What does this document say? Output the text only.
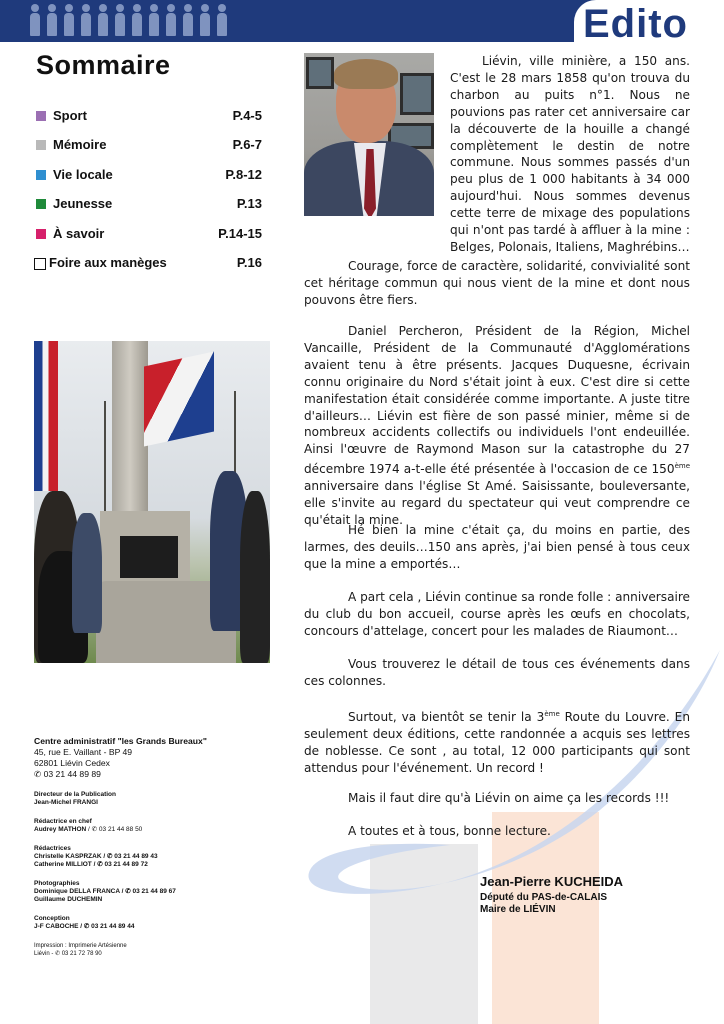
Edito
Sommaire
Sport	P.4-5
Mémoire	P.6-7
Vie locale	P.8-12
Jeunesse	P.13
À savoir	P.14-15
Foire aux manèges	P.16

Liévin, ville minière, a 150 ans. C'est le 28 mars 1858 qu'on trouva du charbon au puits n°1. Nous ne pouvions pas rater cet anniversaire car la découverte de la houille a changé complètement le destin de notre commune. Nous sommes passés d'un peu plus de 1 000 habitants à 34 000 aujourd'hui. Nous sommes devenus cette terre de mixage des populations qui n'ont pas tardé à affluer à la mine : Belges, Polonais, Italiens, Maghrébins…

Courage, force de caractère, solidarité, convivialité sont cet héritage commun qui nous vient de la mine et dont nous pouvons être fiers.

Daniel Percheron, Président de la Région, Michel Vancaille, Président de la Communauté d'Agglomérations avaient tenu à être présents. Jacques Duquesne, écrivain connu originaire du Nord s'était joint à eux. C'est dire si cette manifestation était considérée comme importante. A juste titre d'ailleurs… Liévin est fière de son passé minier, même si de nombreux accidents collectifs ou individuels l'ont endeuillée. Ainsi l'œuvre de Raymond Mason sur la catastrophe du 27 décembre 1974 a-t-elle été présentée à l'occasion de ce 150ème anniversaire dans l'église St Amé. Saisissante, bouleversante, elle s'invite au regard du spectateur qui veut comprendre ce qu'était la mine.

Hé bien la mine c'était ça, du moins en partie, des larmes, des deuils…150 ans après, j'ai bien pensé à tous ceux que la mine a emportés…

A part cela , Liévin continue sa ronde folle : anniversaire du club du bon accueil, course après les œufs en chocolats, concours d'attelage, concert pour les malades de Riaumont…

Vous trouverez le détail de tous ces événements dans ces colonnes.

Surtout, va bientôt se tenir la 3ème Route du Louvre. En seulement deux éditions, cette randonnée a acquis ses lettres de noblesse. Ce sont , au total, 12 000 participants qui sont attendus pour l'événement. Un record !

Mais il faut dire qu'à Liévin on aime ça les records !!!

A toutes et à tous, bonne lecture.

Jean-Pierre KUCHEIDA
Député du PAS-de-CALAIS
Maire de LIÉVIN
Centre administratif "les Grands Bureaux"
45, rue E. Vaillant - BP 49
62801 Liévin Cedex
✆ 03 21 44 89 89
Directeur de la Publication
Jean-Michel FRANGI
Rédactrice en chef
Audrey MATHON / ✆ 03 21 44 88 50
Rédactrices
Christelle KASPRZAK / ✆ 03 21 44 89 43
Catherine MILLIOT / ✆ 03 21 44 89 72
Photographies
Dominique DELLA FRANCA / ✆ 03 21 44 89 67
Guillaume DUCHEMIN
Conception
J-F CABOCHE / ✆ 03 21 44 89 44
Impression : Imprimerie Artésienne
Liévin - ✆ 03 21 72 78 90
